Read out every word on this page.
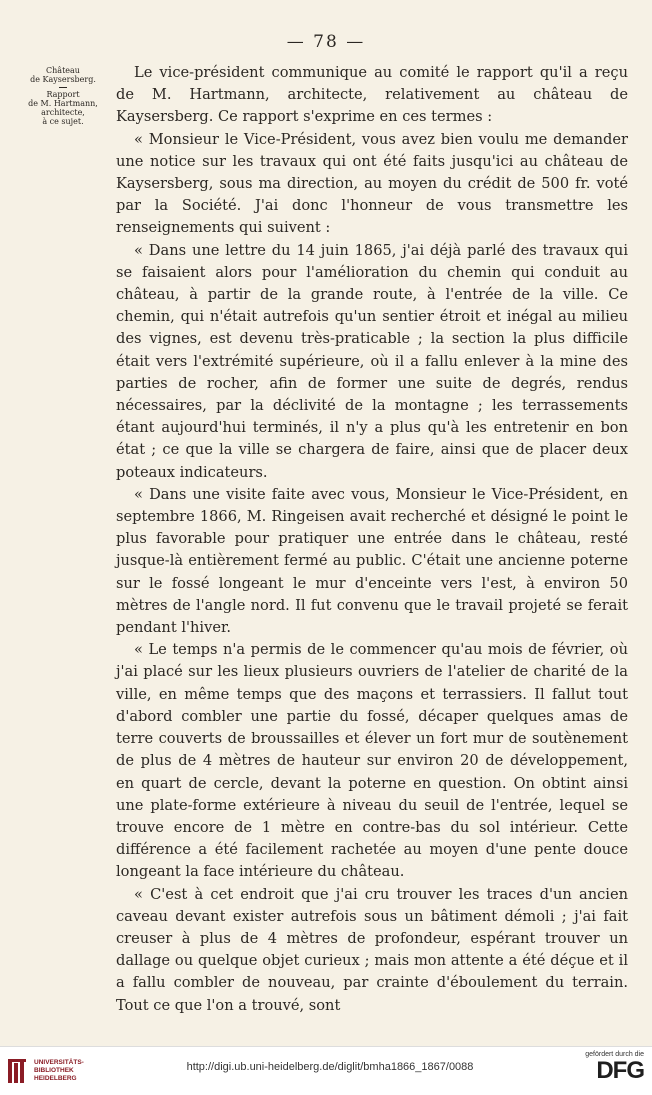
— 78 —
Château
de Kaysersberg.
Rapport
de M. Hartmann,
architecte,
à ce sujet.

Le vice-président communique au comité le rapport qu'il a reçu de M. Hartmann, architecte, relativement au château de Kaysersberg. Ce rapport s'exprime en ces termes :

« Monsieur le Vice-Président, vous avez bien voulu me demander une notice sur les travaux qui ont été faits jusqu'ici au château de Kaysersberg, sous ma direction, au moyen du crédit de 500 fr. voté par la Société. J'ai donc l'honneur de vous transmettre les renseignements qui suivent :

« Dans une lettre du 14 juin 1865, j'ai déjà parlé des travaux qui se faisaient alors pour l'amélioration du chemin qui conduit au château, à partir de la grande route, à l'entrée de la ville. Ce chemin, qui n'était autrefois qu'un sentier étroit et inégal au milieu des vignes, est devenu très-praticable ; la section la plus difficile était vers l'extrémité supérieure, où il a fallu enlever à la mine des parties de rocher, afin de former une suite de degrés, rendus nécessaires, par la déclivité de la montagne ; les terrassements étant aujourd'hui terminés, il n'y a plus qu'à les entretenir en bon état ; ce que la ville se chargera de faire, ainsi que de placer deux poteaux indicateurs.

« Dans une visite faite avec vous, Monsieur le Vice-Président, en septembre 1866, M. Ringeisen avait recherché et désigné le point le plus favorable pour pratiquer une entrée dans le château, resté jusque-là entièrement fermé au public. C'était une ancienne poterne sur le fossé longeant le mur d'enceinte vers l'est, à environ 50 mètres de l'angle nord. Il fut convenu que le travail projeté se ferait pendant l'hiver.

« Le temps n'a permis de le commencer qu'au mois de février, où j'ai placé sur les lieux plusieurs ouvriers de l'atelier de charité de la ville, en même temps que des maçons et terrassiers. Il fallut tout d'abord combler une partie du fossé, décaper quelques amas de terre couverts de broussailles et élever un fort mur de soutènement de plus de 4 mètres de hauteur sur environ 20 de développement, en quart de cercle, devant la poterne en question. On obtint ainsi une plate-forme extérieure à niveau du seuil de l'entrée, lequel se trouve encore de 1 mètre en contre-bas du sol intérieur. Cette différence a été facilement rachetée au moyen d'une pente douce longeant la face intérieure du château.

« C'est à cet endroit que j'ai cru trouver les traces d'un ancien caveau devant exister autrefois sous un bâtiment démoli ; j'ai fait creuser à plus de 4 mètres de profondeur, espérant trouver un dallage ou quelque objet curieux ; mais mon attente a été déçue et il a fallu combler de nouveau, par crainte d'éboulement du terrain. Tout ce que l'on a trouvé, sont

UNIVERSITÄTS-
BIBLIOTHEK
HEIDELBERG
http://digi.ub.uni-heidelberg.de/diglit/bmha1866_1867/0088
gefördert durch die
DFG
